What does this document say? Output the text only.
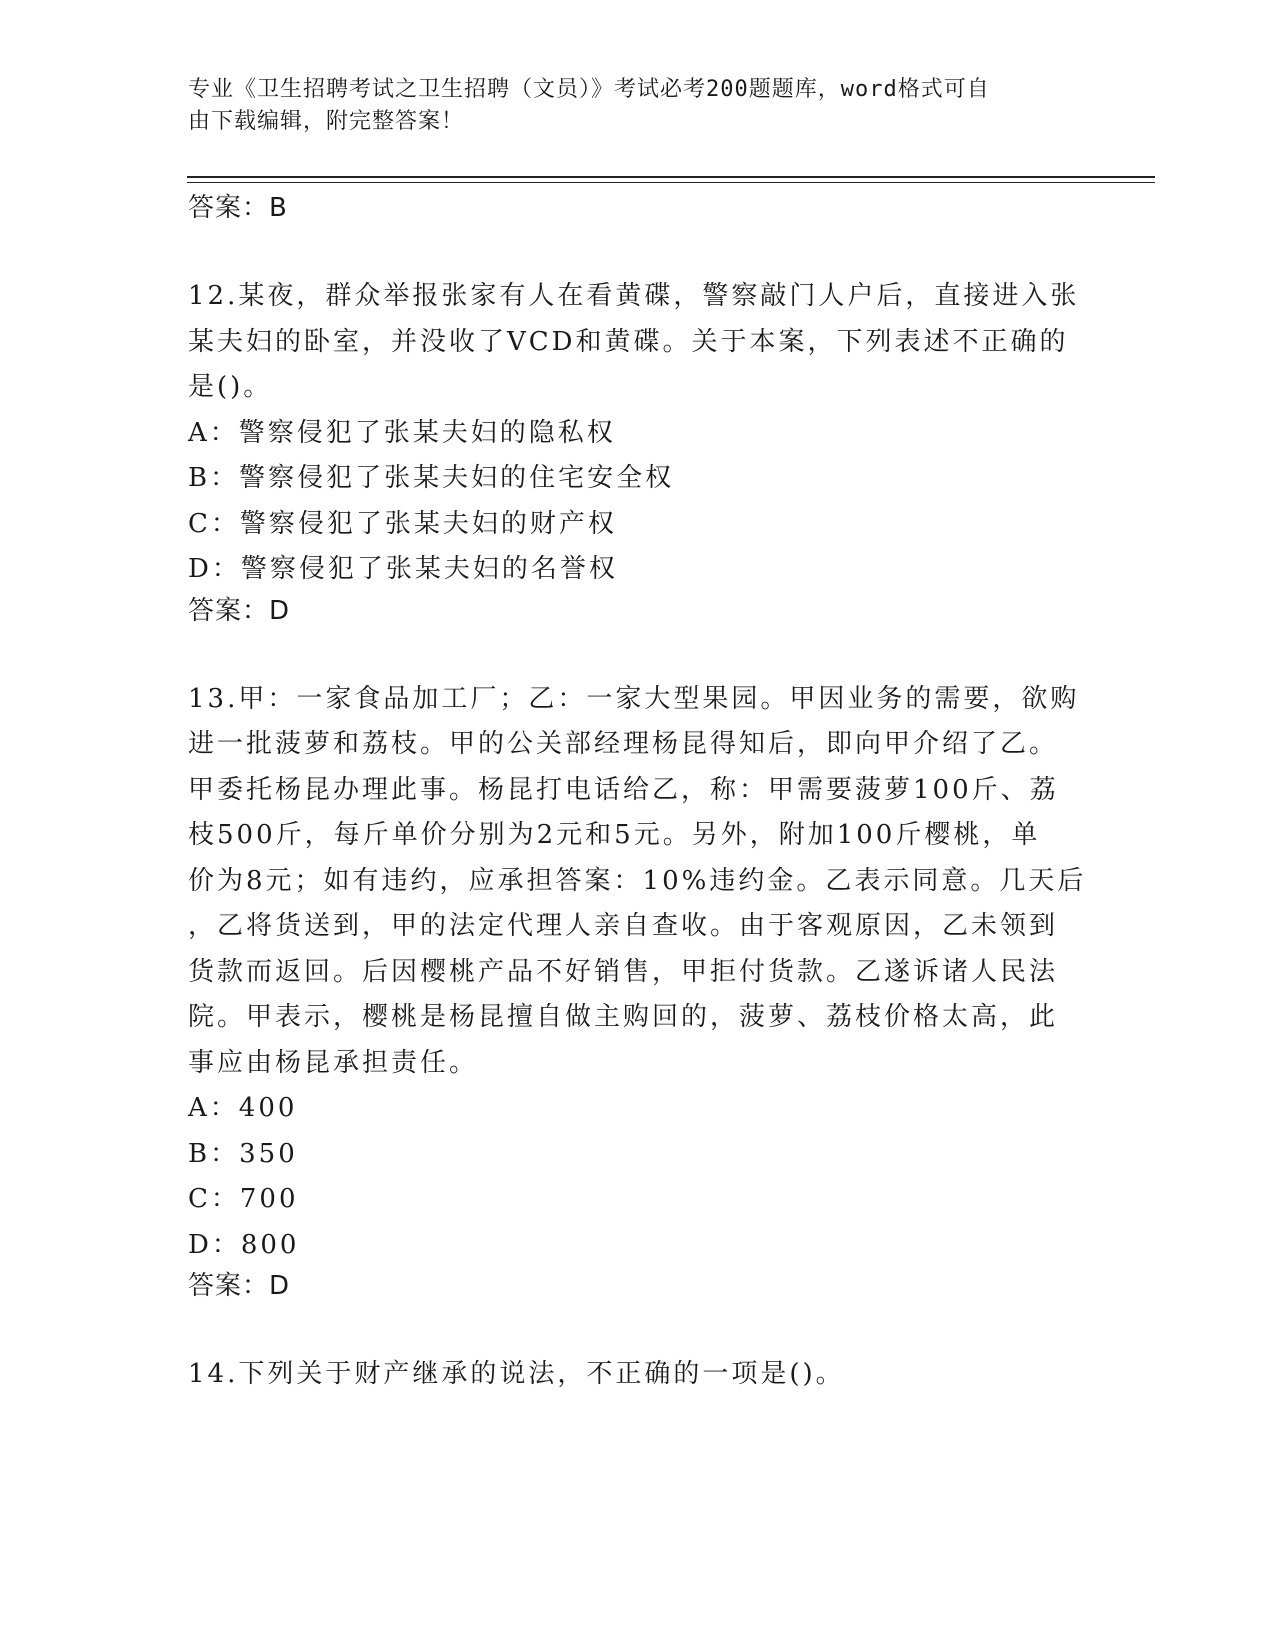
专业《卫生招聘考试之卫生招聘（文员）》考试必考200题题库，word格式可自
由下载编辑，附完整答案！

答案：B

12.某夜，群众举报张家有人在看黄碟，警察敲门人户后，直接进入张

某夫妇的卧室，并没收了VCD和黄碟。关于本案，下列表述不正确的

是()。

A：警察侵犯了张某夫妇的隐私权

B：警察侵犯了张某夫妇的住宅安全权

C：警察侵犯了张某夫妇的财产权

D：警察侵犯了张某夫妇的名誉权

答案：D

13.甲：一家食品加工厂；乙：一家大型果园。甲因业务的需要，欲购

进一批菠萝和荔枝。甲的公关部经理杨昆得知后，即向甲介绍了乙。

甲委托杨昆办理此事。杨昆打电话给乙，称：甲需要菠萝100斤、荔

枝500斤，每斤单价分别为2元和5元。另外，附加100斤樱桃，单

价为8元；如有违约，应承担答案：10%违约金。乙表示同意。几天后

，乙将货送到，甲的法定代理人亲自查收。由于客观原因，乙未领到

货款而返回。后因樱桃产品不好销售，甲拒付货款。乙遂诉诸人民法

院。甲表示，樱桃是杨昆擅自做主购回的，菠萝、荔枝价格太高，此

事应由杨昆承担责任。

A：400

B：350

C：700

D：800

答案：D

14.下列关于财产继承的说法，不正确的一项是()。
